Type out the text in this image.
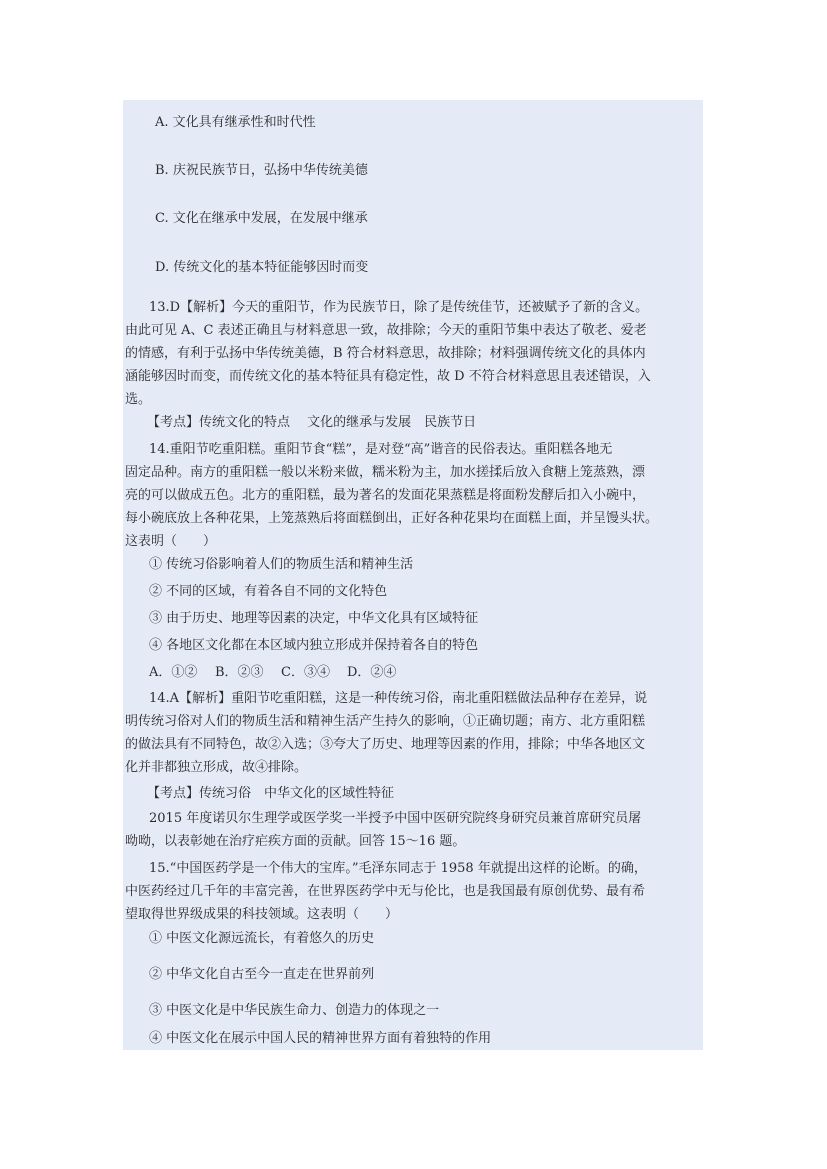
A. 文化具有继承性和时代性
B. 庆祝民族节日，弘扬中华传统美德
C. 文化在继承中发展，在发展中继承
D. 传统文化的基本特征能够因时而变
13.D【解析】今天的重阳节，作为民族节日，除了是传统佳节，还被赋予了新的含义。
由此可见 A、C 表述正确且与材料意思一致，故排除；今天的重阳节集中表达了敬老、爱老
的情感，有利于弘扬中华传统美德，B 符合材料意思，故排除；材料强调传统文化的具体内
涵能够因时而变，而传统文化的基本特征具有稳定性，故 D 不符合材料意思且表述错误，入
选。
【考点】传统文化的特点　 文化的继承与发展　民族节日
14.重阳节吃重阳糕。重阳节食“糕”，是对登“高”谐音的民俗表达。重阳糕各地无
固定品种。南方的重阳糕一般以米粉来做，糯米粉为主，加水搓揉后放入食糖上笼蒸熟，漂
亮的可以做成五色。北方的重阳糕，最为著名的发面花果蒸糕是将面粉发酵后扣入小碗中，
每小碗底放上各种花果，上笼蒸熟后将面糕倒出，正好各种花果均在面糕上面，并呈馒头状。
这表明（　　）
① 传统习俗影响着人们的物质生活和精神生活
② 不同的区域，有着各自不同的文化特色
③ 由于历史、地理等因素的决定，中华文化具有区域特征
④ 各地区文化都在本区域内独立形成并保持着各自的特色
A．①② B．②③ C．③④ D．②④
14.A【解析】重阳节吃重阳糕，这是一种传统习俗，南北重阳糕做法品种存在差异，说
明传统习俗对人们的物质生活和精神生活产生持久的影响，①正确切题；南方、北方重阳糕
的做法具有不同特色，故②入选；③夸大了历史、地理等因素的作用，排除；中华各地区文
化并非都独立形成，故④排除。
【考点】传统习俗　中华文化的区域性特征
2015 年度诺贝尔生理学或医学奖一半授予中国中医研究院终身研究员兼首席研究员屠
呦呦，以表彰她在治疗疟疾方面的贡献。回答 15～16 题。
15.“中国医药学是一个伟大的宝库。”毛泽东同志于 1958 年就提出这样的论断。的确，
中医药经过几千年的丰富完善，在世界医药学中无与伦比，也是我国最有原创优势、最有希
望取得世界级成果的科技领域。这表明（　　）
① 中医文化源远流长，有着悠久的历史
② 中华文化自古至今一直走在世界前列
③ 中医文化是中华民族生命力、创造力的体现之一
④ 中医文化在展示中国人民的精神世界方面有着独特的作用
